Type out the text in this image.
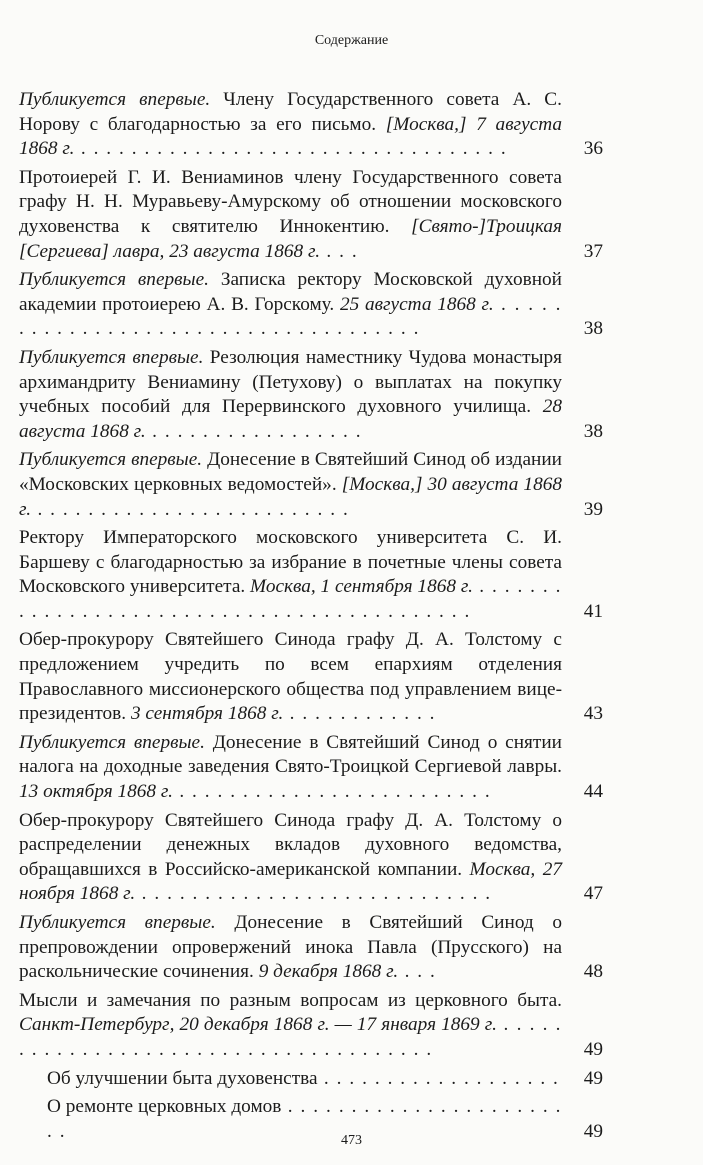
Содержание

Публикуется впервые. Члену Государственного совета А. С. Норову с благодарностью за его письмо. [Москва,] 7 августа 1868 г. . . . . . . . . . . . . . . . . . . . . . . . . . . . . . . . . . .	36

Протоиерей Г. И. Вениаминов члену Государственного совета графу Н. Н. Муравьеву-Амурскому об отношении московского духовенства к святителю Иннокентию. [Свято-]Троицкая [Сергиева] лавра, 23 августа 1868 г. . . .	37

Публикуется впервые. Записка ректору Московской духовной академии протоиерею А. В. Горскому. 25 августа 1868 г. . . . . . . . . . . . . . . . . . . . . . . . . . . . . . . . . . . . . .	38

Публикуется впервые. Резолюция наместнику Чудова монастыря архимандриту Вениамину (Петухову) о выплатах на покупку учебных пособий для Перервинского духовного училища. 28 августа 1868 г. . . . . . . . . . . . . . . . . .	38

Публикуется впервые. Донесение в Святейший Синод об издании «Московских церковных ведомостей». [Москва,] 30 августа 1868 г. . . . . . . . . . . . . . . . . . . . . . . . . .	39

Ректору Императорского московского университета С. И. Баршеву с благодарностью за избрание в почетные члены совета Московского университета. Москва, 1 сентября 1868 г. . . . . . . . . . . . . . . . . . . . . . . . . . . . . . . . . . . . . . . . . . . .	41

Обер-прокурору Святейшего Синода графу Д. А. Толстому с предложением учредить по всем епархиям отделения Православного миссионерского общества под управлением вице-президентов. 3 сентября 1868 г. . . . . . . . . . . . .	43

Публикуется впервые. Донесение в Святейший Синод о снятии налога на доходные заведения Свято-Троицкой Сергиевой лавры. 13 октября 1868 г. . . . . . . . . . . . . . . . . . . . . . . . . .	44

Обер-прокурору Святейшего Синода графу Д. А. Толстому о распределении денежных вкладов духовного ведомства, обращавшихся в Российско-американской компании. Москва, 27 ноября 1868 г. . . . . . . . . . . . . . . . . . . . . . . . . . . . .	47

Публикуется впервые. Донесение в Святейший Синод о препровождении опровержений инока Павла (Прусского) на раскольнические сочинения. 9 декабря 1868 г. . . .	48

Мысли и замечания по разным вопросам из церковного быта. Санкт-Петербург, 20 декабря 1868 г. — 17 января 1869 г. . . . . . . . . . . . . . . . . . . . . . . . . . . . . . . . . . . . . . .	49

Об улучшении быта духовенства . . . . . . . . . . . . . . . . . . . 49

О ремонте церковных домов . . . . . . . . . . . . . . . . . . . . . . . .	49
473
